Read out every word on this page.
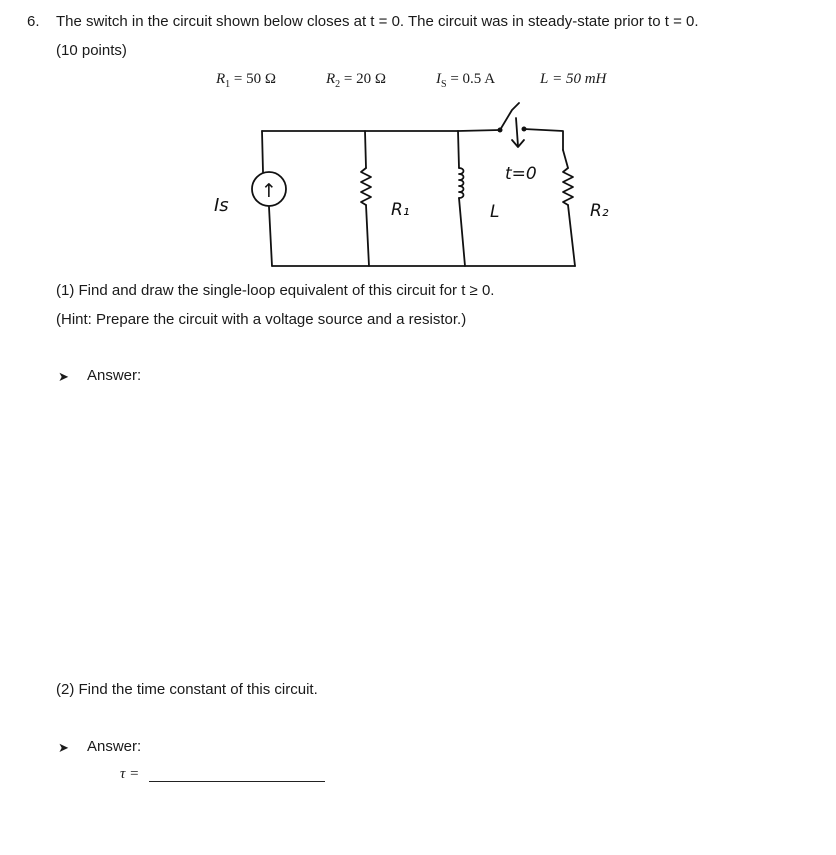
6. The switch in the circuit shown below closes at t = 0. The circuit was in steady-state prior to t = 0.
(10 points)
$R_1 = 50$ Ω	$R_2 = 20$ Ω	$I_S = 0.5$ A	L = 50 mH
↑
Is	R₁	L
t=0
R₂
(1) Find and draw the single-loop equivalent of this circuit for t ≥ 0.
(Hint: Prepare the circuit with a voltage source and a resistor.)
➤ Answer:
(2) Find the time constant of this circuit.
➤ Answer:
τ =
